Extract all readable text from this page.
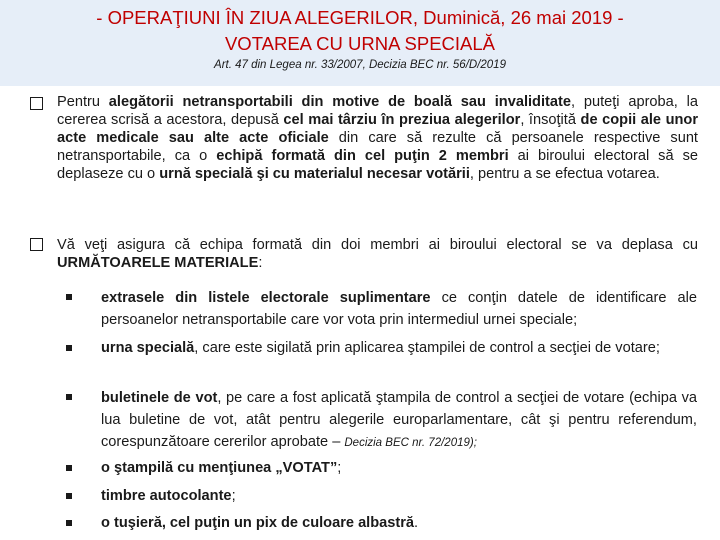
- OPERAŢIUNI ÎN ZIUA ALEGERILOR, Duminică, 26 mai 2019 -
VOTAREA CU URNA SPECIALĂ
Art. 47 din Legea nr. 33/2007, Decizia BEC nr. 56/D/2019
Pentru alegătorii netransportabili din motive de boală sau invaliditate, puteţi aproba, la cererea scrisă a acestora, depusă cel mai târziu în preziua alegerilor, însoţită de copii ale unor acte medicale sau alte acte oficiale din care să rezulte că persoanele respective sunt netransportabile, ca o echipă formată din cel puţin 2 membri ai biroului electoral să se deplaseze cu o urnă specială şi cu materialul necesar votării, pentru a se efectua votarea.
Vă veţi asigura că echipa formată din doi membri ai biroului electoral se va deplasa cu URMĂTOARELE MATERIALE:
extrasele din listele electorale suplimentare ce conţin datele de identificare ale persoanelor netransportabile care vor vota prin intermediul urnei speciale;
urna specială, care este sigilată prin aplicarea ştampilei de control a secţiei de votare;
buletinele de vot, pe care a fost aplicată ştampila de control a secţiei de votare (echipa va lua buletine de vot, atât pentru alegerile europarlamentare, cât şi pentru referendum, corespunzătoare cererilor aprobate – Decizia BEC nr. 72/2019);
o ştampilă cu menţiunea „VOTAT”;
timbre autocolante;
o tuşieră, cel puţin un pix de culoare albastră.
